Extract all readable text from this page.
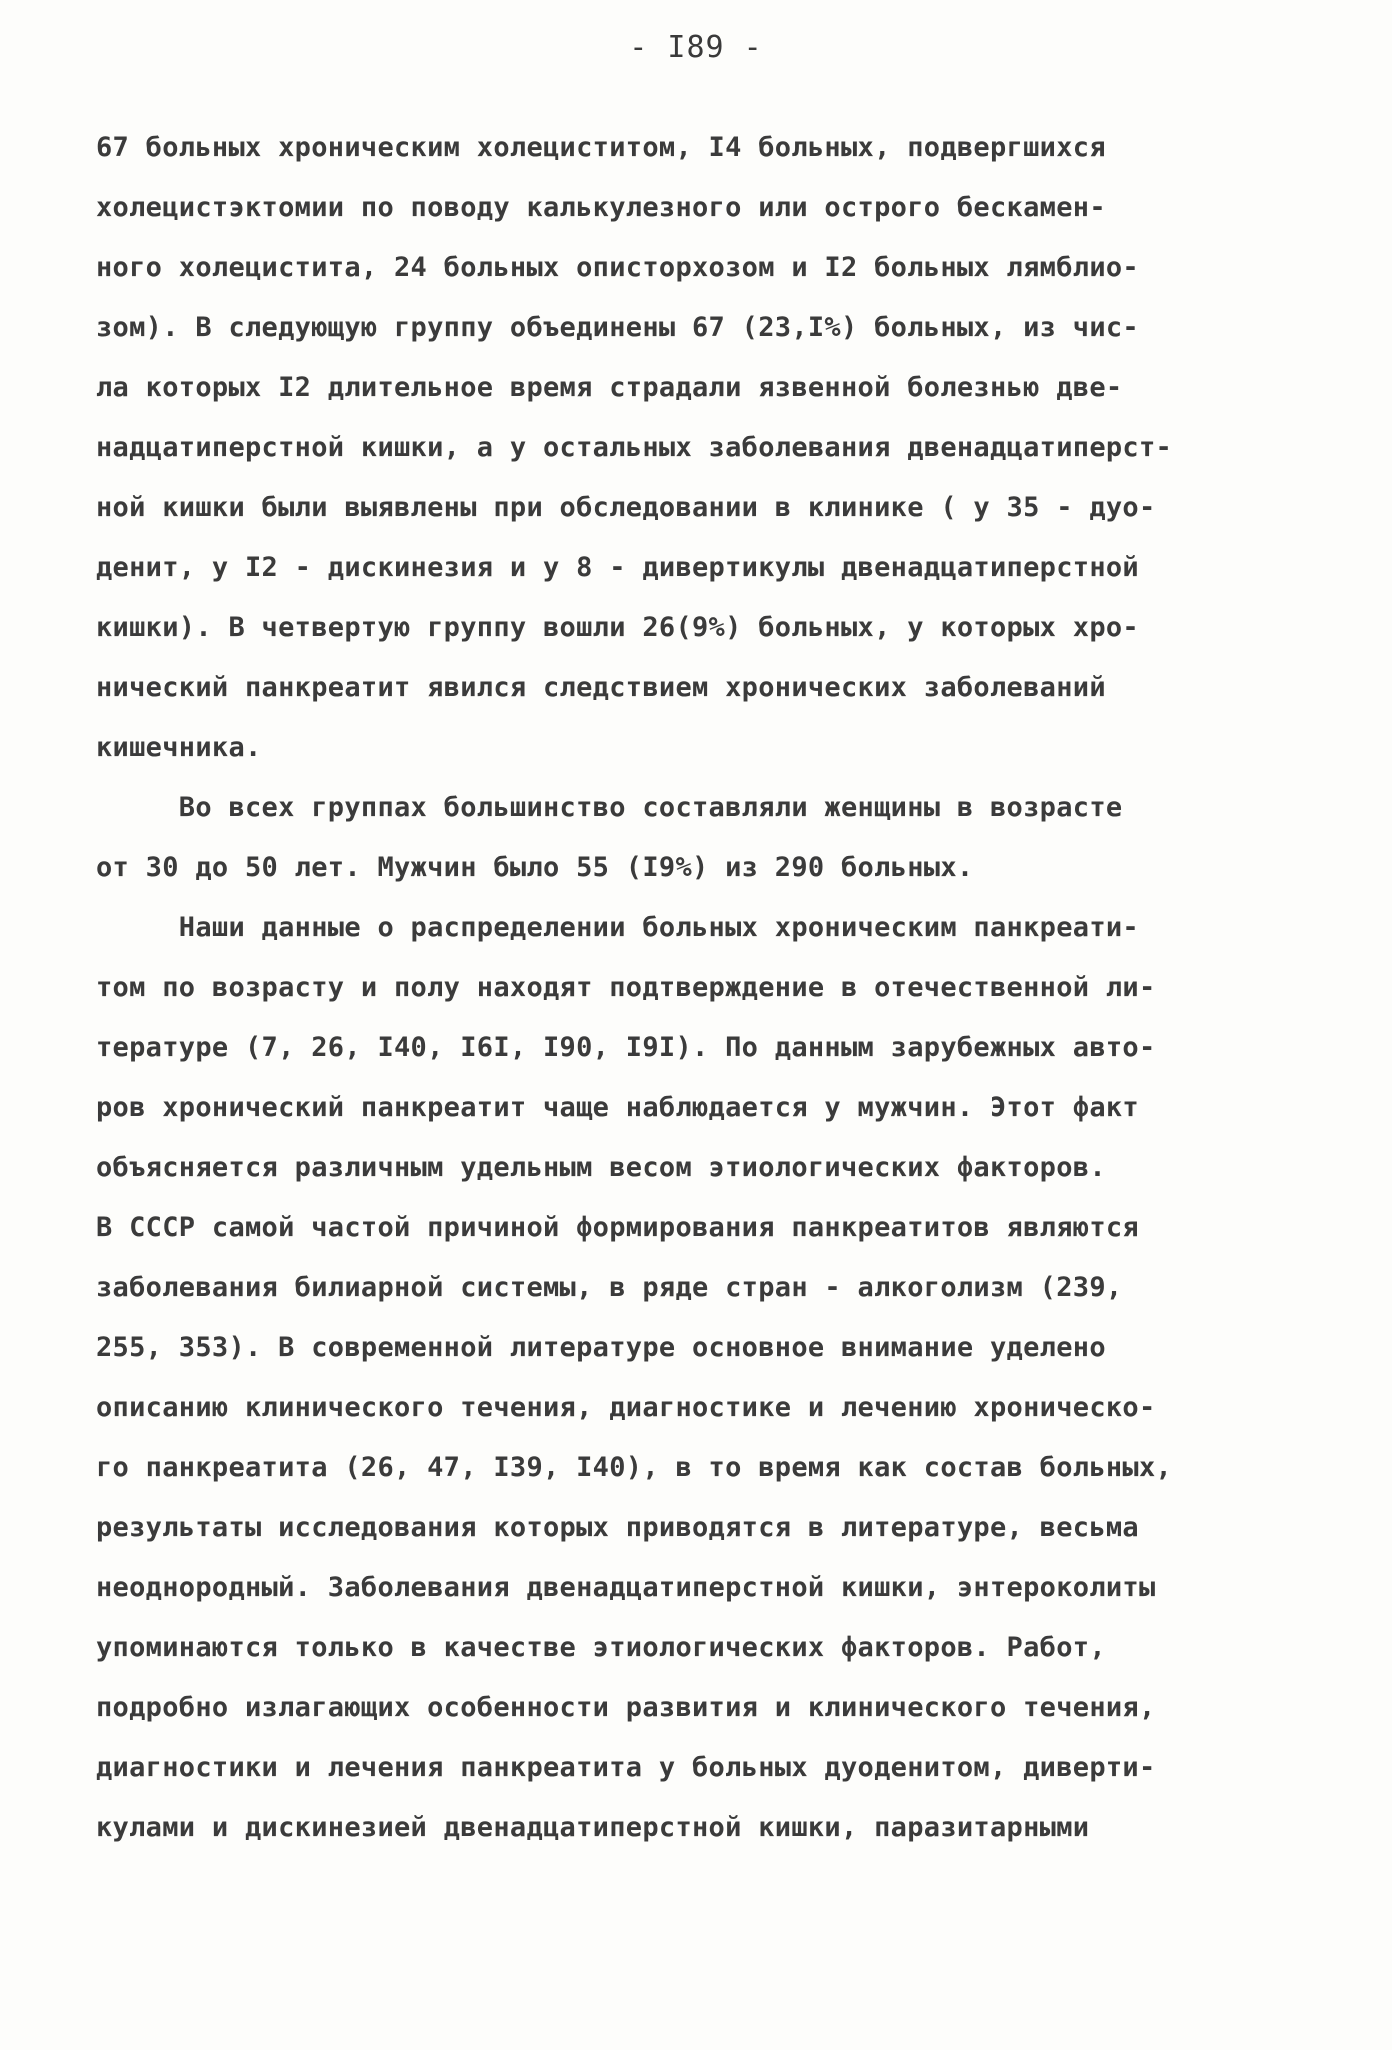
- I89 -
67 больных хроническим холециститом, I4 больных, подвергшихся
холецистэктомии по поводу калькулезного или острого бескамен-
ного холецистита, 24 больных описторхозом и I2 больных лямблио-
зом). В следующую группу объединены 67 (23,I%) больных, из чис-
ла которых I2 длительное время страдали язвенной болезнью две-
надцатиперстной кишки, а у остальных заболевания двенадцатиперст-
ной кишки были выявлены при обследовании в клинике ( у 35 - дуо-
денит, у I2 - дискинезия и у 8 - дивертикулы двенадцатиперстной
кишки). В четвертую группу вошли 26(9%) больных, у которых хро-
нический панкреатит явился следствием хронических заболеваний
кишечника.
Во всех группах большинство составляли женщины в возрасте
от 30 до 50 лет. Мужчин было 55 (I9%) из 290 больных.
Наши данные о распределении больных хроническим панкреати-
том по возрасту и полу находят подтверждение в отечественной ли-
тературе (7, 26, I40, I6I, I90, I9I). По данным зарубежных авто-
ров хронический панкреатит чаще наблюдается у мужчин. Этот факт
объясняется различным удельным весом этиологических факторов.
В СССР самой частой причиной формирования панкреатитов являются
заболевания билиарной системы, в ряде стран - алкоголизм (239,
255, 353). В современной литературе основное внимание уделено
описанию клинического течения, диагностике и лечению хроническо-
го панкреатита (26, 47, I39, I40), в то время как состав больных,
результаты исследования которых приводятся в литературе, весьма
неоднородный. Заболевания двенадцатиперстной кишки, энтероколиты
упоминаются только в качестве этиологических факторов. Работ,
подробно излагающих особенности развития и клинического течения,
диагностики и лечения панкреатита у больных дуоденитом, диверти-
кулами и дискинезией двенадцатиперстной кишки, паразитарными
